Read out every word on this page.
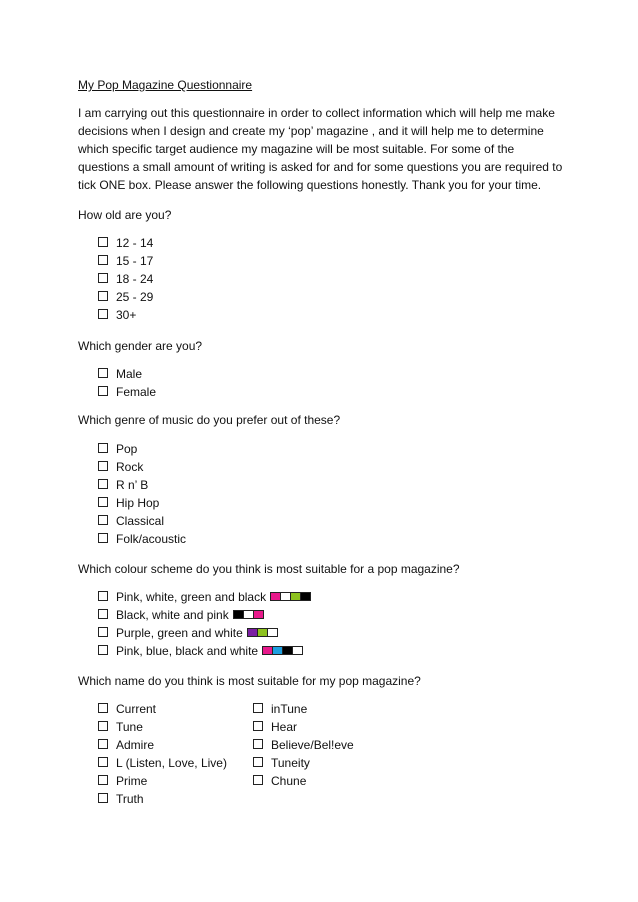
My Pop Magazine Questionnaire
I am carrying out this questionnaire in order to collect information which will help me make decisions when I design and create my ‘pop’ magazine , and it will help me to determine which specific target audience my magazine will be most suitable. For some of the questions a small amount of writing is asked for and for some questions you are required to tick ONE box. Please answer the following questions honestly. Thank you for your time.
How old are you?
Which gender are you?
Which genre of music do you prefer out of these?
Which colour scheme do you think is most suitable for a pop magazine?
Which name do you think is most suitable for my pop magazine?
12 - 14
15 - 17
18 - 24
25 - 29
30+
Male
Female
Pop
Rock
R n’ B
Hip Hop
Classical
Folk/acoustic
Pink, white, green and black
Black, white and pink
Purple, green and white
Pink, blue, black and white
Current
Tune
Admire
L (Listen, Love, Live)
Prime
Truth
inTune
Hear
Believe/Bel!eve
Tuneity
Chune
